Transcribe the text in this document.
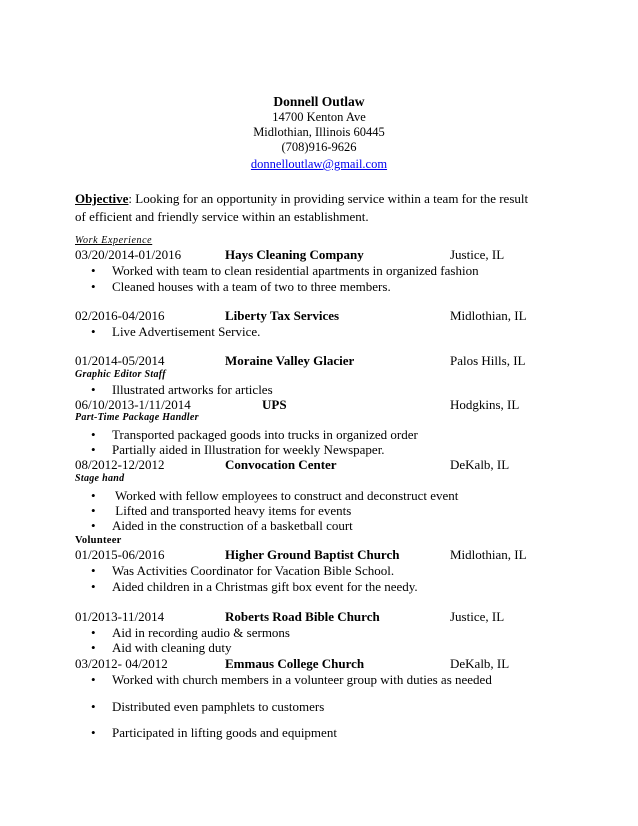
Donnell Outlaw
14700 Kenton Ave
Midlothian, Illinois 60445
(708)916-9626
donnelloutlaw@gmail.com
Objective: Looking for an opportunity in providing service within a team for the result of efficient and friendly service within an establishment.
Work Experience
03/20/2014-01/2016	Hays Cleaning Company	Justice, IL
• Worked with team to clean residential apartments in organized fashion
• Cleaned houses with a team of two to three members.
02/2016-04/2016	Liberty Tax Services	Midlothian, IL
• Live Advertisement Service.
01/2014-05/2014	Moraine Valley Glacier	Palos Hills, IL
Graphic Editor Staff
• Illustrated artworks for articles
06/10/2013-1/11/2014	UPS	Hodgkins, IL
Part-Time Package Handler
• Transported packaged goods into trucks in organized order
• Partially aided in Illustration for weekly Newspaper.
08/2012-12/2012	Convocation Center	DeKalb, IL
Stage hand
• Worked with fellow employees to construct and deconstruct event
• Lifted and transported heavy items for events
• Aided in the construction of a basketball court
Volunteer
01/2015-06/2016	Higher Ground Baptist Church	Midlothian, IL
• Was Activities Coordinator for Vacation Bible School.
• Aided children in a Christmas gift box event for the needy.
01/2013-11/2014	Roberts Road Bible Church	Justice, IL
• Aid in recording audio & sermons
• Aid with cleaning duty
03/2012- 04/2012	Emmaus College Church	DeKalb, IL
• Worked with church members in a volunteer group with duties as needed
• Distributed even pamphlets to customers
• Participated in lifting goods and equipment
